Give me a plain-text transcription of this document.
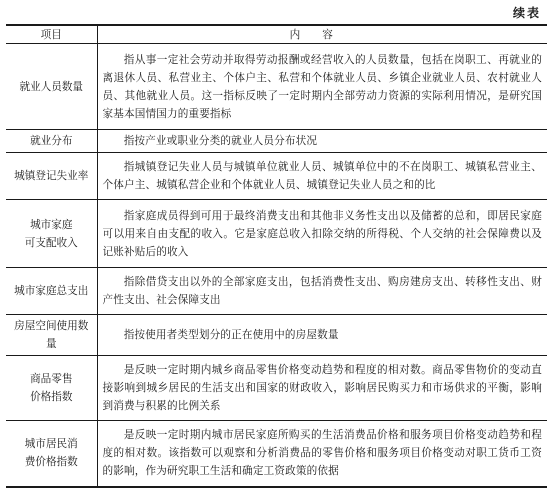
续表
项目	内容

就业人员数量	指从事一定社会劳动并取得劳动报酬或经营收入的人员数量，包括在岗职工、再就业的离退休人员、私营业主、个体户主、私营和个体就业人员、乡镇企业就业人员、农村就业人员、其他就业人员。这一指标反映了一定时期内全部劳动力资源的实际利用情况，是研究国家基本国情国力的重要指标

就业分布	指按产业或职业分类的就业人员分布状况

城镇登记失业率	指城镇登记失业人员与城镇单位就业人员、城镇单位中的不在岗职工、城镇私营业主、个体户主、城镇私营企业和个体就业人员、城镇登记失业人员之和的比

城市家庭
可支配收入	指家庭成员得到可用于最终消费支出和其他非义务性支出以及储蓄的总和，即居民家庭可以用来自由支配的收入。它是家庭总收入扣除交纳的所得税、个人交纳的社会保障费以及记账补贴后的收入

城市家庭总支出	指除借贷支出以外的全部家庭支出，包括消费性支出、购房建房支出、转移性支出、财产性支出、社会保障支出

房屋空间使用数量	指按使用者类型划分的正在使用中的房屋数量

商品零售
价格指数	是反映一定时期内城乡商品零售价格变动趋势和程度的相对数。商品零售物价的变动直接影响到城乡居民的生活支出和国家的财政收入，影响居民购买力和市场供求的平衡，影响到消费与积累的比例关系

城市居民消
费价格指数	是反映一定时期内城市居民家庭所购买的生活消费品价格和服务项目价格变动趋势和程度的相对数。该指数可以观察和分析消费品的零售价格和服务项目价格变动对职工货币工资的影响，作为研究职工生活和确定工资政策的依据
